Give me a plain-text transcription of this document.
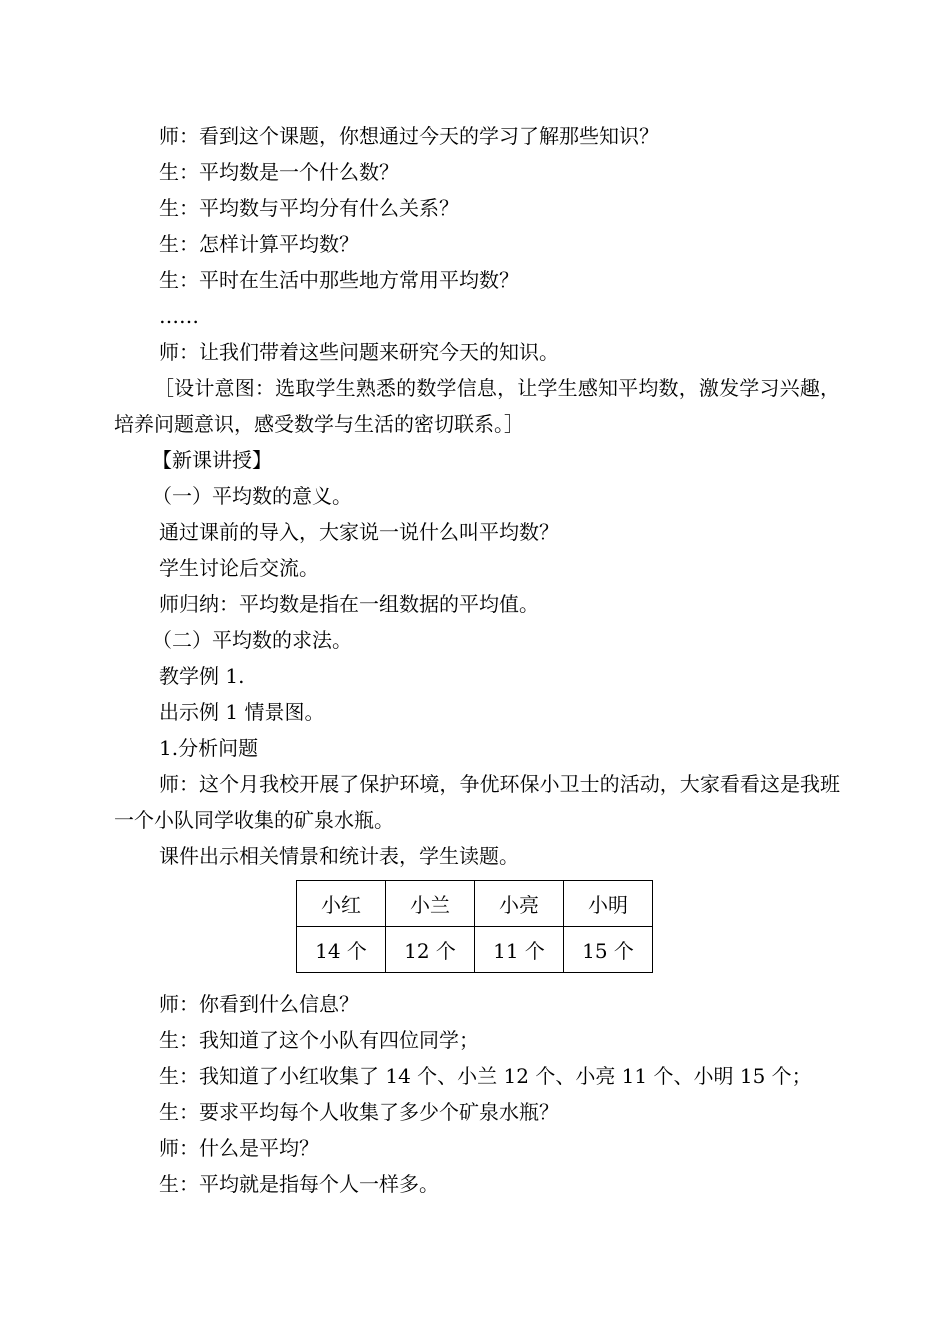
师：看到这个课题，你想通过今天的学习了解那些知识？
生：平均数是一个什么数？
生：平均数与平均分有什么关系？
生：怎样计算平均数？
生：平时在生活中那些地方常用平均数？
……
师：让我们带着这些问题来研究今天的知识。
［设计意图：选取学生熟悉的数学信息，让学生感知平均数，激发学习兴趣，培养问题意识，感受数学与生活的密切联系。］
【新课讲授】
（一）平均数的意义。
通过课前的导入，大家说一说什么叫平均数？
学生讨论后交流。
师归纳：平均数是指在一组数据的平均值。
（二）平均数的求法。
教学例 1.
出示例 1 情景图。
1.分析问题
师：这个月我校开展了保护环境，争优环保小卫士的活动，大家看看这是我班一个小队同学收集的矿泉水瓶。
课件出示相关情景和统计表，学生读题。
小红	小兰	小亮	小明
14 个	12 个	11 个	15 个
师：你看到什么信息？
生：我知道了这个小队有四位同学；
生：我知道了小红收集了 14 个、小兰 12 个、小亮 11 个、小明 15 个；
生：要求平均每个人收集了多少个矿泉水瓶？
师：什么是平均？
生：平均就是指每个人一样多。
